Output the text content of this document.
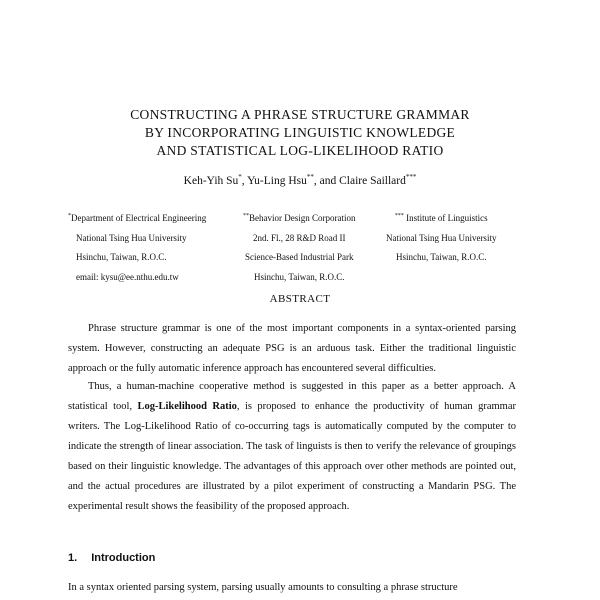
CONSTRUCTING A PHRASE STRUCTURE GRAMMAR
BY INCORPORATING LINGUISTIC KNOWLEDGE
AND STATISTICAL LOG-LIKELIHOOD RATIO
Keh-Yih Su*, Yu-Ling Hsu**, and Claire Saillard***
*Department of Electrical Engineering
National Tsing Hua University
Hsinchu, Taiwan, R.O.C.
email: kysu@ee.nthu.edu.tw
**Behavior Design Corporation
2nd. Fl., 28 R&D Road II
Science-Based Industrial Park
Hsinchu, Taiwan, R.O.C.
*** Institute of Linguistics
National Tsing Hua University
Hsinchu, Taiwan, R.O.C.
ABSTRACT
Phrase structure grammar is one of the most important components in a syntax-oriented parsing system. However, constructing an adequate PSG is an arduous task. Either the traditional linguistic approach or the fully automatic inference approach has encountered several difficulties.
Thus, a human-machine cooperative method is suggested in this paper as a better approach. A statistical tool, Log-Likelihood Ratio, is proposed to enhance the productivity of human grammar writers. The Log-Likelihood Ratio of co-occurring tags is automatically computed by the computer to indicate the strength of linear association. The task of linguists is then to verify the relevance of groupings based on their linguistic knowledge. The advantages of this approach over other methods are pointed out, and the actual procedures are illustrated by a pilot experiment of constructing a Mandarin PSG. The experimental result shows the feasibility of the proposed approach.
1. Introduction
In a syntax oriented parsing system, parsing usually amounts to consulting a phrase structure
